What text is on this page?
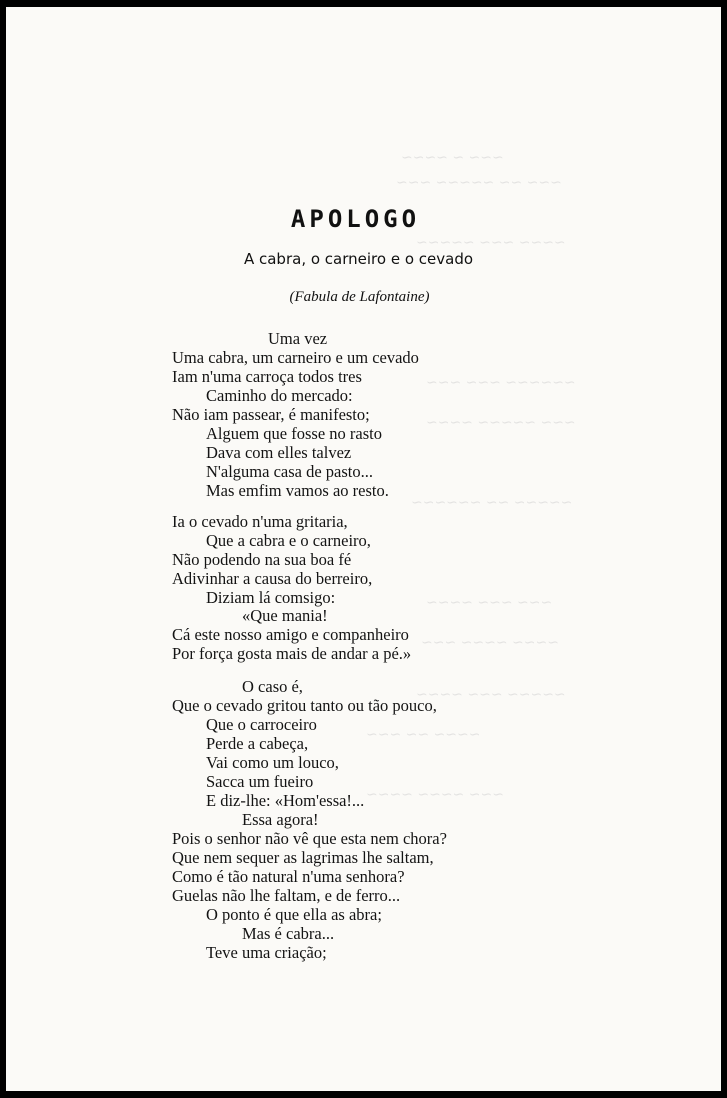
~~~ ~ ~~~~
~~~ ~~ ~~~~~ ~~~
~~~~ ~~~ ~~~~~
~~~~~~ ~~~ ~~~
~~~ ~~~~~ ~~~~
~~~~~ ~~ ~~~~~~
~~~ ~~~ ~~~~
~~~~ ~~~~ ~~~
~~~~~ ~~~ ~~~~
~~~~ ~~ ~~~
~~~ ~~~~ ~~~~
APOLOGO
A cabra, o carneiro e o cevado
(Fabula de Lafontaine)
Uma vez
Uma cabra, um carneiro e um cevado
Iam n'uma carroça todos tres
Caminho do mercado:
Não iam passear, é manifesto;
Alguem que fosse no rasto
Dava com elles talvez
N'alguma casa de pasto...
Mas emfim vamos ao resto.
Ia o cevado n'uma gritaria,
Que a cabra e o carneiro,
Não podendo na sua boa fé
Adivinhar a causa do berreiro,
Diziam lá comsigo:
«Que mania!
Cá este nosso amigo e companheiro
Por força gosta mais de andar a pé.»
O caso é,
Que o cevado gritou tanto ou tão pouco,
Que o carroceiro
Perde a cabeça,
Vai como um louco,
Sacca um fueiro
E diz-lhe: «Hom'essa!...
Essa agora!
Pois o senhor não vê que esta nem chora?
Que nem sequer as lagrimas lhe saltam,
Como é tão natural n'uma senhora?
Guelas não lhe faltam, e de ferro...
O ponto é que ella as abra;
Mas é cabra...
Teve uma criação;
